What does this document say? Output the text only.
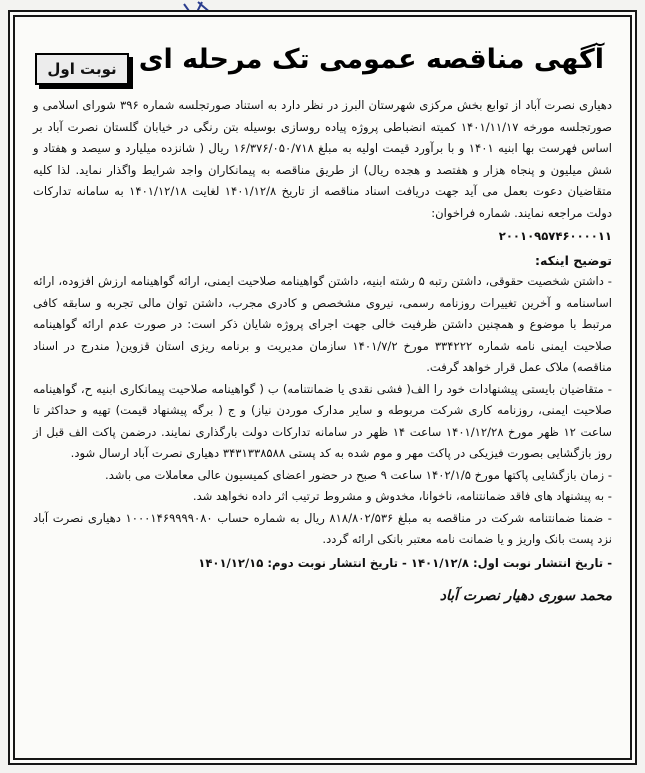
آگهی مناقصه عمومی تک مرحله ای
نوبت اول

دهیاری نصرت آباد از توابع بخش مرکزی شهرستان البرز در نظر دارد به استناد صورتجلسه شماره ۳۹۶ شورای اسلامی و صورتجلسه مورخه ۱۴۰۱/۱۱/۱۷ کمیته انضباطی پروژه پیاده روسازی بوسیله بتن رنگی در خیابان گلستان نصرت آباد بر اساس فهرست بها ابنیه ۱۴۰۱ و با برآورد قیمت اولیه به مبلغ ۱۶/۳۷۶/۰۵۰/۷۱۸ ریال ( شانزده میلیارد و سیصد و هفتاد و شش میلیون و پنجاه هزار و هفتصد و هجده ریال) از طریق مناقصه به پیمانکاران واجد شرایط واگذار نماید. لذا کلیه متقاضیان دعوت بعمل می آید جهت دریافت اسناد مناقصه از تاریخ ۱۴۰۱/۱۲/۸ لغایت ۱۴۰۱/۱۲/۱۸ به سامانه تدارکات دولت مراجعه نمایند. شماره فراخوان:

۲۰۰۱۰۹۵۷۴۶۰۰۰۰۱۱

توضیح اینکه:

- داشتن شخصیت حقوقی، داشتن رتبه ۵ رشته ابنیه، داشتن گواهینامه صلاحیت ایمنی، ارائه گواهینامه ارزش افزوده، ارائه اساسنامه و آخرین تغییرات روزنامه رسمی، نیروی مشخصص و کادری مجرب، داشتن توان مالی تجربه و سابقه کافی مرتبط با موضوع و همچنین داشتن ظرفیت خالی جهت اجرای پروژه شایان ذکر است: در صورت عدم ارائه گواهینامه صلاحیت ایمنی نامه شماره ۳۳۴۲۲۲ مورخ ۱۴۰۱/۷/۲ سازمان مدیریت و برنامه ریزی استان قزوین( مندرج در اسناد مناقصه) ملاک عمل قرار خواهد گرفت.

- متقاضیان بایستی پیشنهادات خود را الف( فشی نقدی یا ضمانتنامه) ب ( گواهینامه صلاحیت پیمانکاری ابنیه ح، گواهینامه صلاحیت ایمنی، روزنامه کاری شرکت مربوطه و سایر مدارک موردن نیاز) و ج ( برگه پیشنهاد قیمت) تهیه و حداکثر تا ساعت ۱۲ ظهر مورخ ۱۴۰۱/۱۲/۲۸ ساعت ۱۴ ظهر در سامانه تدارکات دولت بارگذاری نمایند. درضمن پاکت الف قبل از روز بازگشایی بصورت فیزیکی در پاکت مهر و موم شده به کد پستی ۳۴۳۱۳۳۸۵۸۸ دهیاری نصرت آباد ارسال شود.

- زمان بازگشایی پاکتها مورخ ۱۴۰۲/۱/۵ ساعت ۹ صبح در حضور اعضای کمیسیون عالی معاملات می باشد.

- به پیشنهاد های فاقد ضمانتنامه، ناخوانا، مخدوش و مشروط ترتیب اثر داده نخواهد شد.

- ضمنا ضمانتنامه شرکت در مناقصه به مبلغ ۸۱۸/۸۰۲/۵۳۶ ریال به شماره حساب ۱۰۰۰۱۴۶۹۹۹۹۰۸۰ دهیاری نصرت آباد نزد پست بانک واریز و یا ضمانت نامه معتبر بانکی ارائه گردد.

- تاریخ انتشار نوبت اول: ۱۴۰۱/۱۲/۸ - تاریخ انتشار نوبت دوم: ۱۴۰۱/۱۲/۱۵

محمد سوری دهیار نصرت آباد
